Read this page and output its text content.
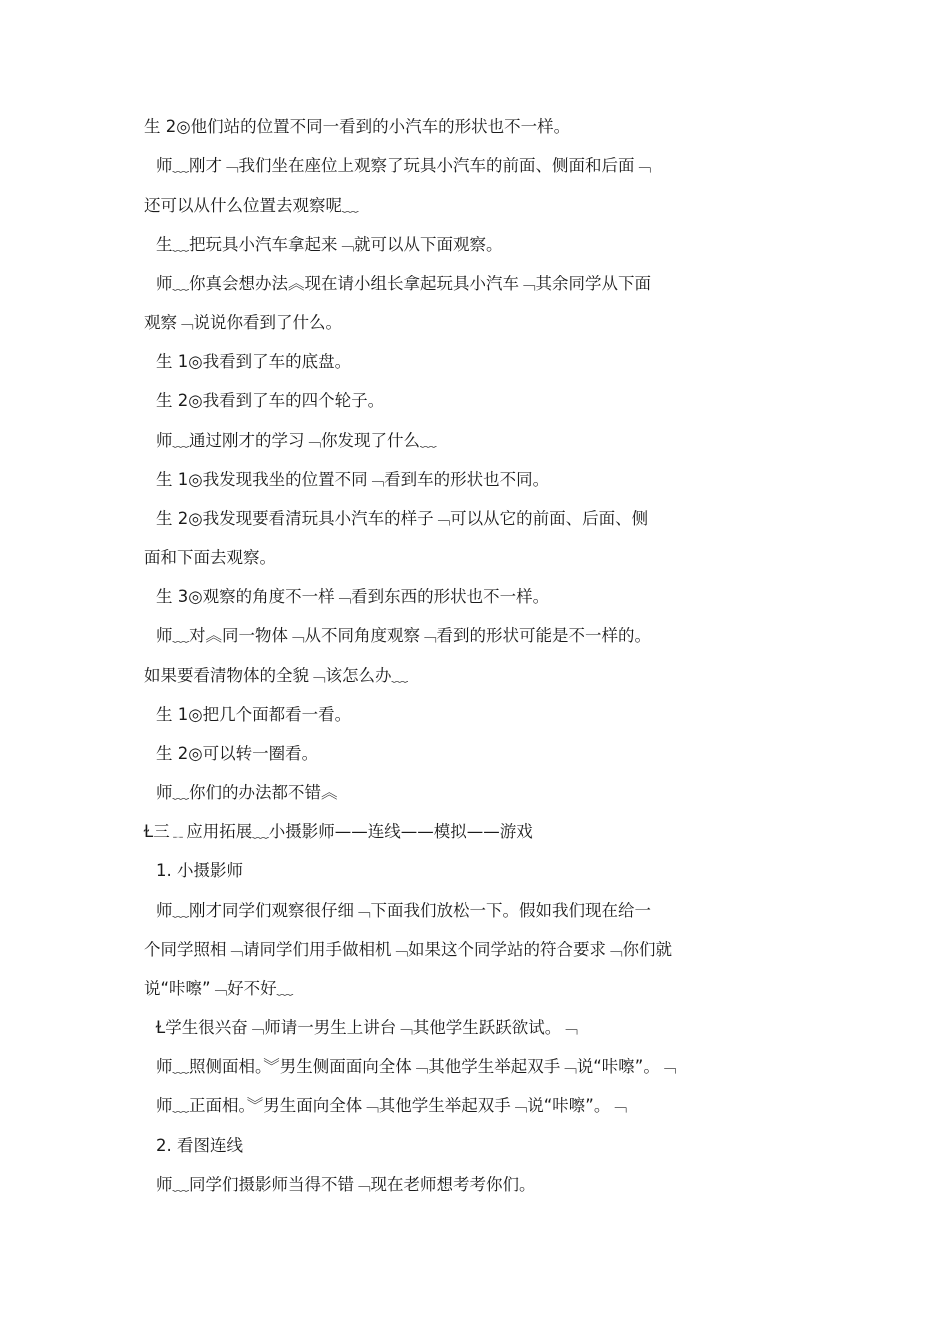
生 2◎他们站的位置不同一看到的小汽车的形状也不一样。
师﹏刚才﹁我们坐在座位上观察了玩具小汽车的前面、侧面和后面﹁
还可以从什么位置去观察呢﹏
生﹏把玩具小汽车拿起来﹁就可以从下面观察。
师﹏你真会想办法︽现在请小组长拿起玩具小汽车﹁其余同学从下面
观察﹁说说你看到了什么。
生 1◎我看到了车的底盘。
生 2◎我看到了车的四个轮子。
师﹏通过刚才的学习﹁你发现了什么﹏
生 1◎我发现我坐的位置不同﹁看到车的形状也不同。
生 2◎我发现要看清玩具小汽车的样子﹁可以从它的前面、后面、侧
面和下面去观察。
生 3◎观察的角度不一样﹁看到东西的形状也不一样。
师﹏对︽同一物体﹁从不同角度观察﹁看到的形状可能是不一样的。
如果要看清物体的全貌﹁该怎么办﹏
生 1◎把几个面都看一看。
生 2◎可以转一圈看。
师﹏你们的办法都不错︽
Ɫ三﹎应用拓展﹏小摄影师——连线——模拟——游戏
1. 小摄影师
师﹏刚才同学们观察很仔细﹁下面我们放松一下。假如我们现在给一
个同学照相﹁请同学们用手做相机﹁如果这个同学站的符合要求﹁你们就
说“咔嚓”﹁好不好﹏
Ɫ学生很兴奋﹁师请一男生上讲台﹁其他学生跃跃欲试。﹁
师﹏照侧面相。︾男生侧面面向全体﹁其他学生举起双手﹁说“咔嚓”。﹁
师﹏正面相。︾男生面向全体﹁其他学生举起双手﹁说“咔嚓”。﹁
2. 看图连线
师﹏同学们摄影师当得不错﹁现在老师想考考你们。
